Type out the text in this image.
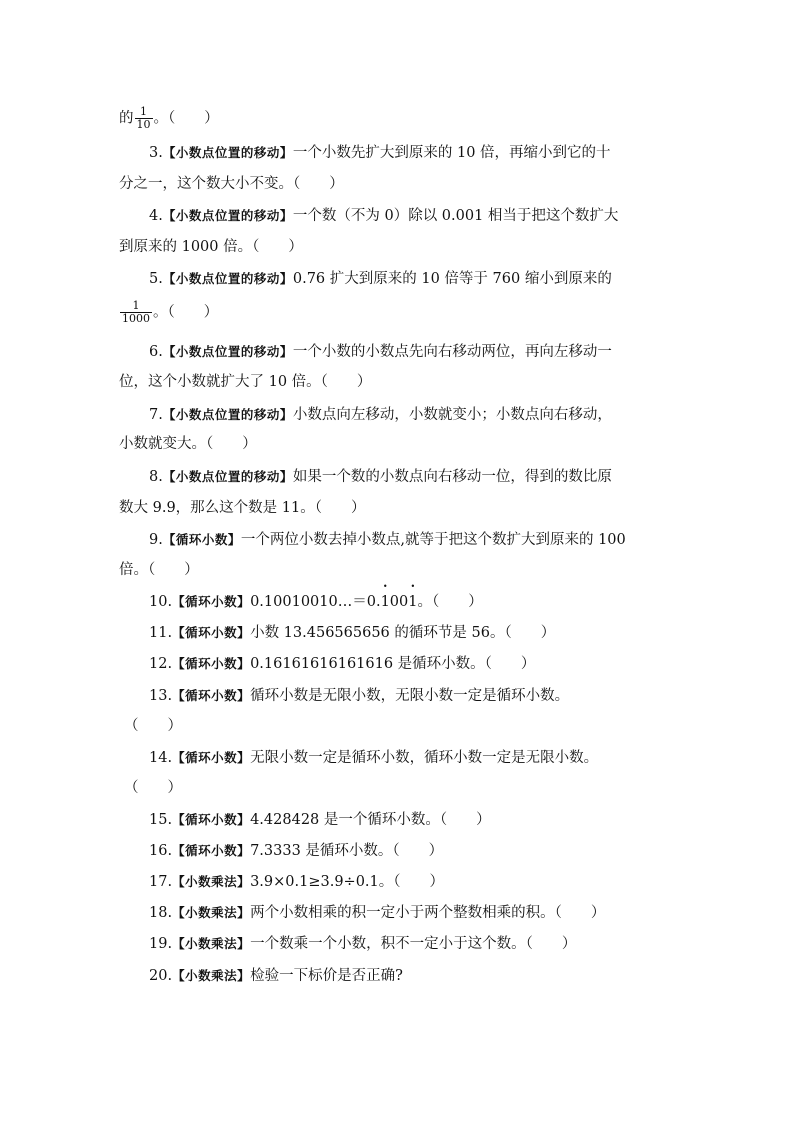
的 $\frac{1}{10}$ 。（　　）
3.【小数点位置的移动】一个小数先扩大到原来的 10 倍，再缩小到它的十
分之一，这个数大小不变。（　　）
4.【小数点位置的移动】一个数（不为 0）除以 0.001 相当于把这个数扩大
到原来的 1000 倍。（　　）
5.【小数点位置的移动】0.76 扩大到原来的 10 倍等于 760 缩小到原来的
$\frac{1}{1000}$ 。（　　）
6.【小数点位置的移动】一个小数的小数点先向右移动两位，再向左移动一
位，这个小数就扩大了 10 倍。（　　）
7.【小数点位置的移动】小数点向左移动，小数就变小；小数点向右移动，
小数就变大。（　　）
8.【小数点位置的移动】如果一个数的小数点向右移动一位，得到的数比原
数大 9.9，那么这个数是 11。（　　）
9.【循环小数】一个两位小数去掉小数点,就等于把这个数扩大到原来的 100
倍。（　　）
10.【循环小数】0.10010010…＝0.• 100• 1。（　　）
11.【循环小数】小数 13.456565656 的循环节是 56。（　　）
12.【循环小数】0.16161616161616 是循环小数。（　　）
13.【循环小数】循环小数是无限小数，无限小数一定是循环小数。
（　　）
14.【循环小数】无限小数一定是循环小数，循环小数一定是无限小数。
（　　）
15.【循环小数】4.428428 是一个循环小数。（　　）
16.【循环小数】7.3333 是循环小数。（　　）
17.【小数乘法】3.9×0.1≥3.9÷0.1。（　　）
18.【小数乘法】两个小数相乘的积一定小于两个整数相乘的积。（　　）
19.【小数乘法】一个数乘一个小数，积不一定小于这个数。（　　）
20.【小数乘法】检验一下标价是否正确?
